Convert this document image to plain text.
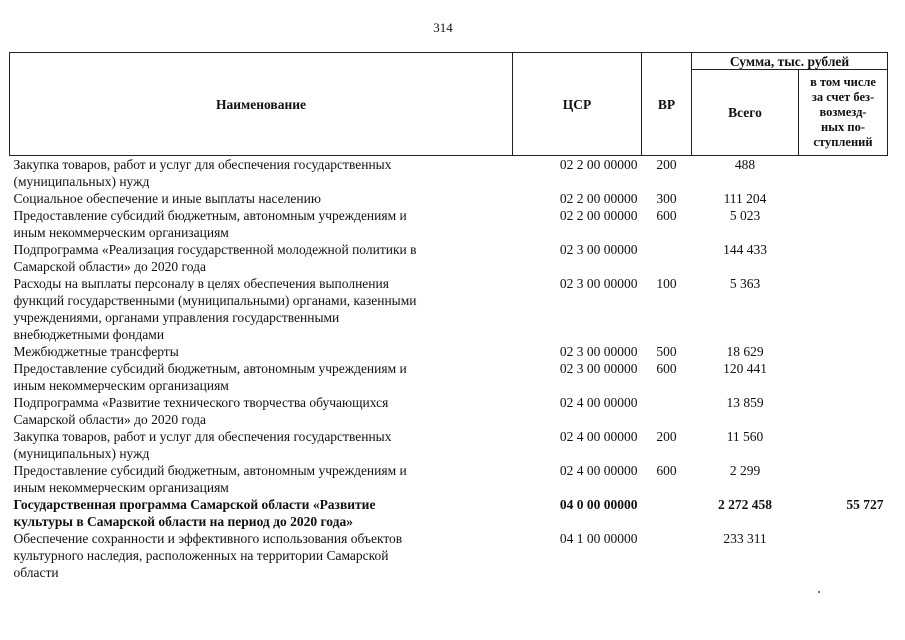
314
Наименование	ЦСР	ВР	Сумма, тыс. рублей	
			Всего	в том числе
за счет без-
возмезд-
ных по-
ступлений

Закупка товаров, работ и услуг для обеспечения государственных
(муниципальных) нужд	02 2 00 00000	200	488	

Социальное обеспечение и иные выплаты населению	02 2 00 00000	300	111 204	

Предоставление субсидий бюджетным, автономным учреждениям и
иным некоммерческим организациям	02 2 00 00000	600	5 023	

Подпрограмма «Реализация государственной молодежной политики в
Самарской области» до 2020 года	02 3 00 00000		144 433	

Расходы на выплаты персоналу в целях обеспечения выполнения
функций государственными (муниципальными) органами, казенными
учреждениями, органами управления государственными
внебюджетными фондами	02 3 00 00000	100	5 363	

Межбюджетные трансферты	02 3 00 00000	500	18 629	

Предоставление субсидий бюджетным, автономным учреждениям и
иным некоммерческим организациям	02 3 00 00000	600	120 441	

Подпрограмма «Развитие технического творчества обучающихся
Самарской области» до 2020 года	02 4 00 00000		13 859	

Закупка товаров, работ и услуг для обеспечения государственных
(муниципальных) нужд	02 4 00 00000	200	11 560	

Предоставление субсидий бюджетным, автономным учреждениям и
иным некоммерческим организациям	02 4 00 00000	600	2 299	

Государственная программа Самарской области «Развитие
культуры в Самарской области на период до 2020 года»	04 0 00 00000		2 272 458	55 727

Обеспечение сохранности и эффективного использования объектов
культурного наследия, расположенных на территории Самарской
области	04 1 00 00000		233 311	
